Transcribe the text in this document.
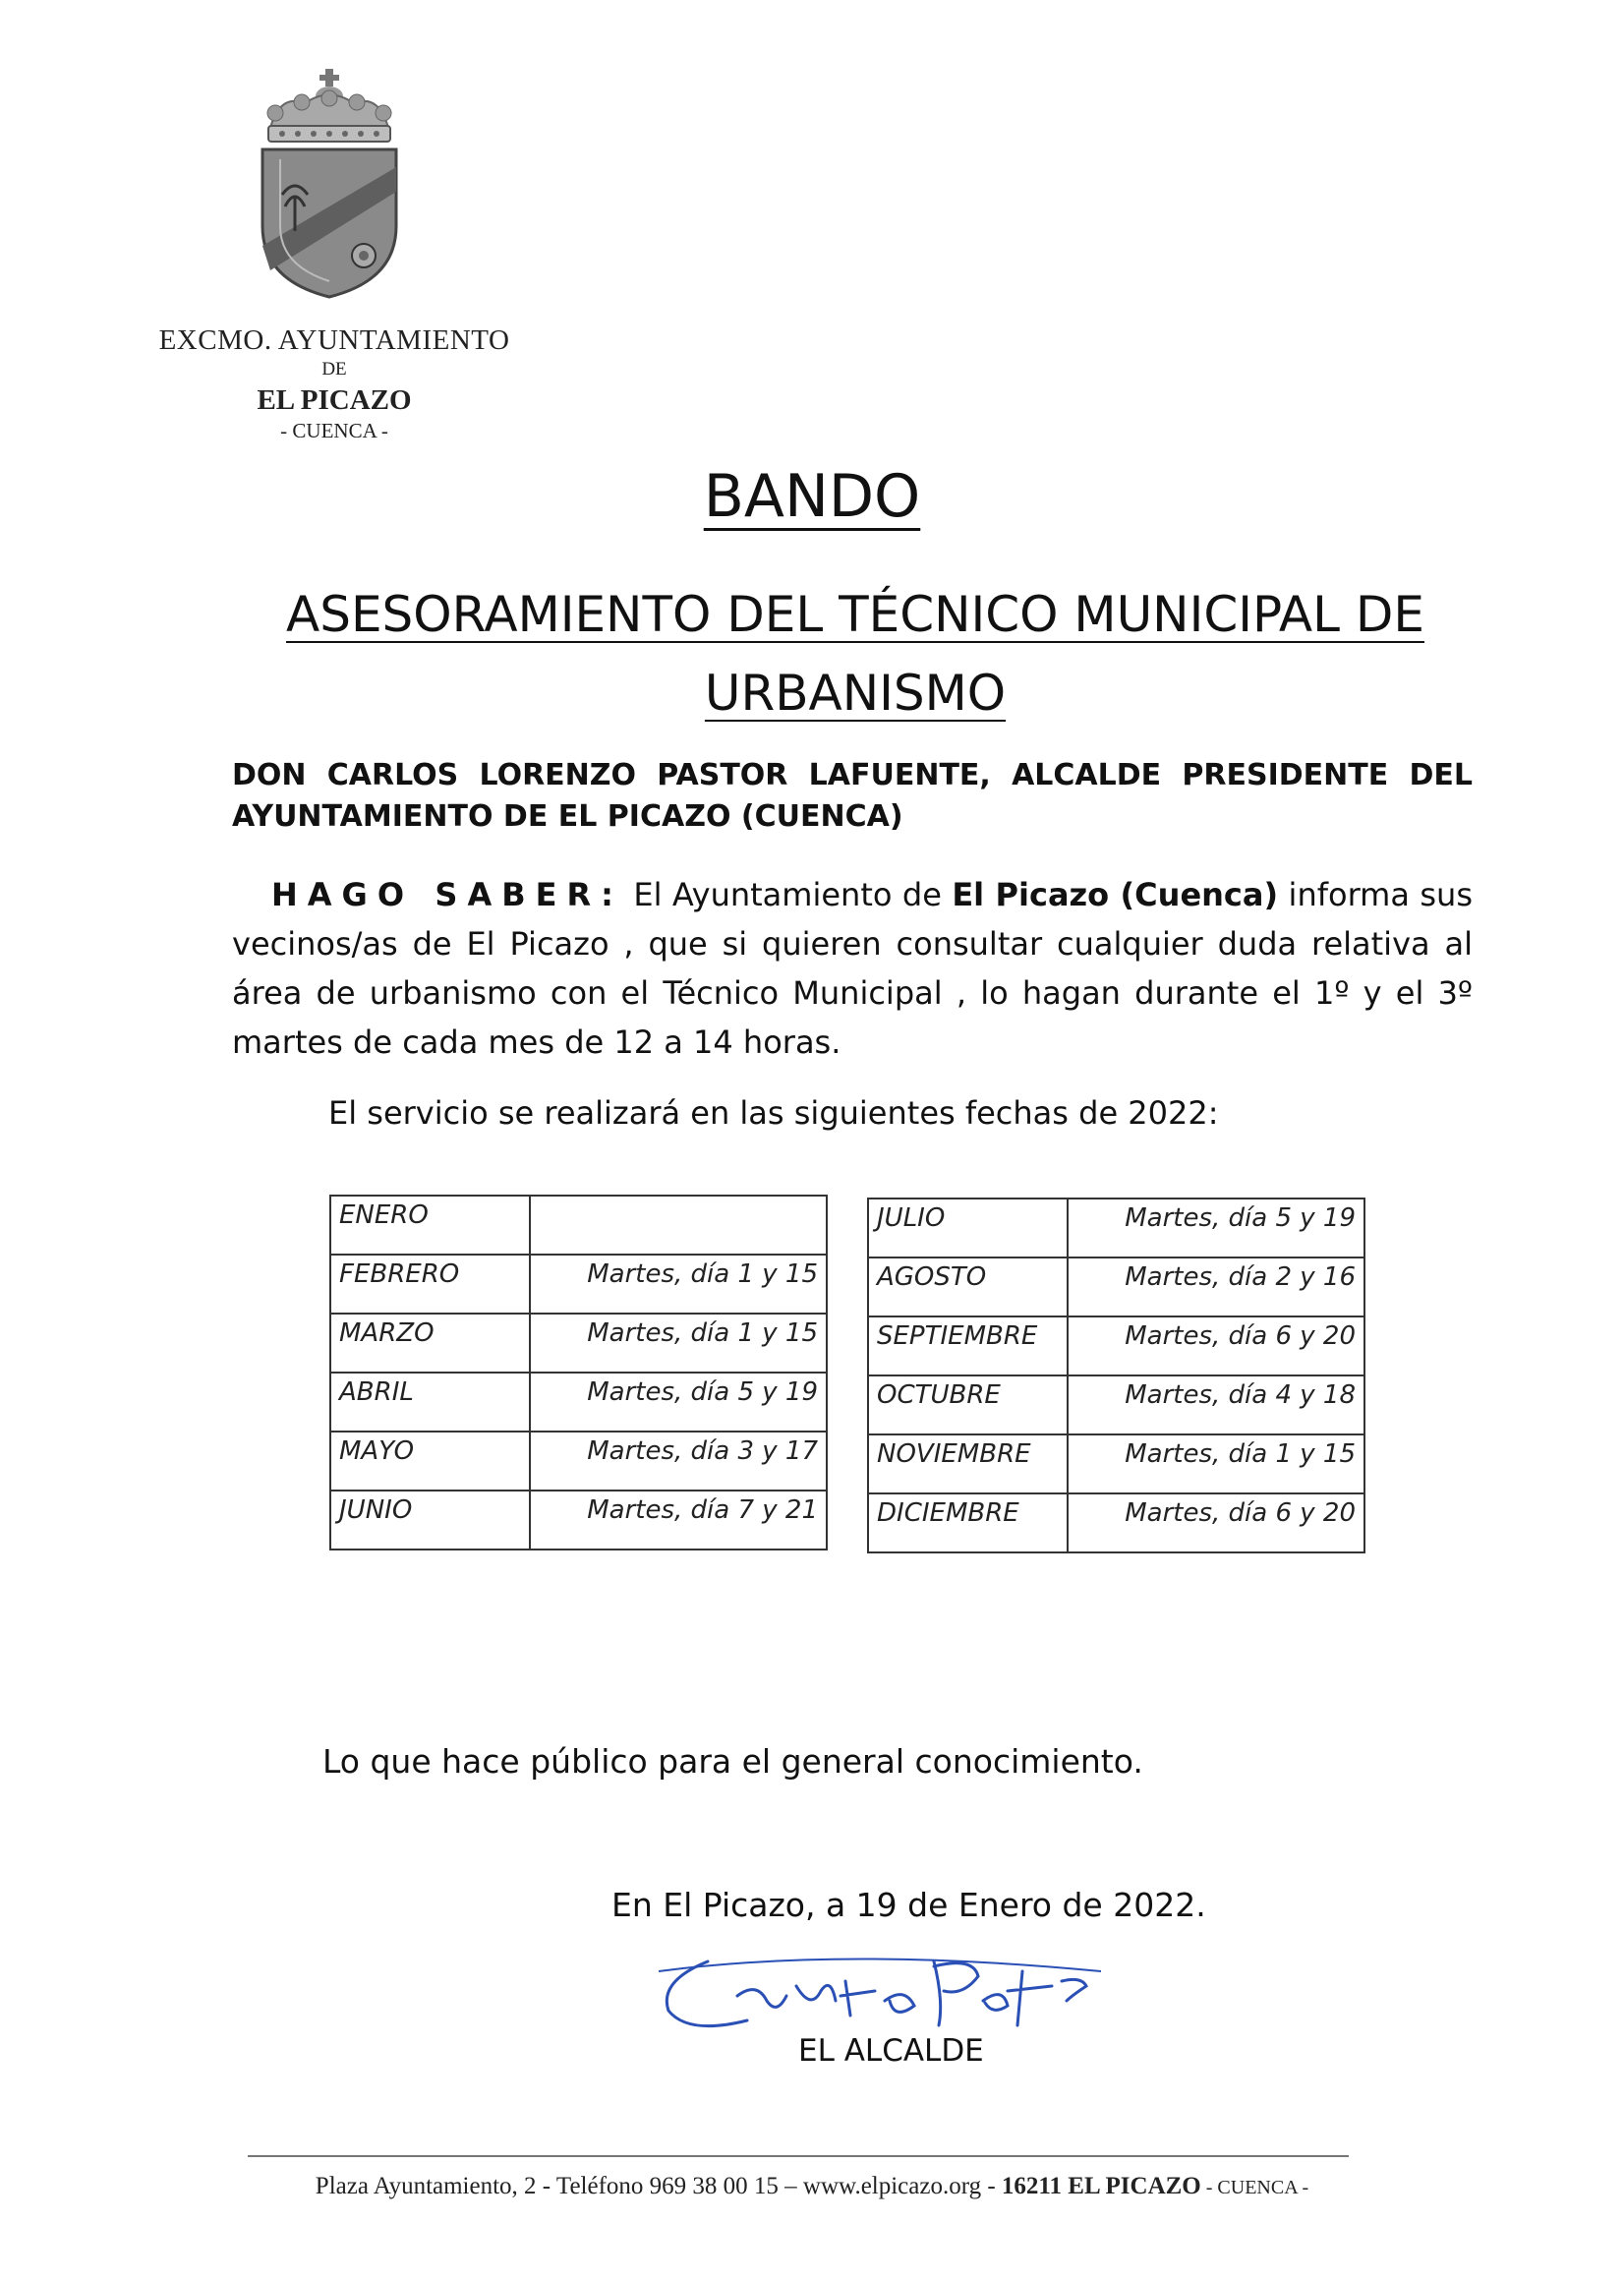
EXCMO. AYUNTAMIENTO
DE
EL PICAZO
- CUENCA -
BANDO
ASESORAMIENTO DEL TÉCNICO MUNICIPAL DE
URBANISMO
DON CARLOS LORENZO PASTOR LAFUENTE, ALCALDE PRESIDENTE DEL
AYUNTAMIENTO DE EL PICAZO (CUENCA)
HAGO SABER: El Ayuntamiento de El Picazo (Cuenca) informa sus vecinos/as de El Picazo , que si quieren consultar cualquier duda relativa al área de urbanismo con el Técnico Municipal , lo hagan durante el 1º y el 3º martes de cada mes de 12 a 14 horas.
El servicio se realizará en las siguientes fechas de 2022:
ENERO	
FEBRERO	Martes, día 1 y 15
MARZO	Martes, día 1 y 15
ABRIL	Martes, día 5 y 19
MAYO	Martes, día 3 y 17
JUNIO	Martes, día 7 y 21
JULIO	Martes, día 5 y 19
AGOSTO	Martes, día 2 y 16
SEPTIEMBRE	Martes, día 6 y 20
OCTUBRE	Martes, día 4 y 18
NOVIEMBRE	Martes, día 1 y 15
DICIEMBRE	Martes, día 6 y 20
Lo que hace público para el general conocimiento.
En El Picazo, a 19 de Enero de 2022.
EL ALCALDE
Plaza Ayuntamiento, 2 - Teléfono 969 38 00 15 – www.elpicazo.org - 16211 EL PICAZO - CUENCA -
